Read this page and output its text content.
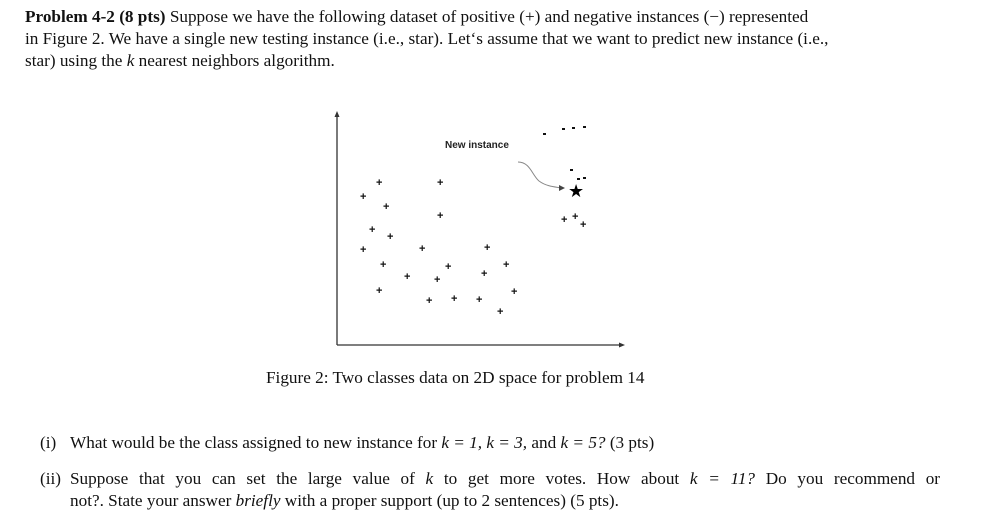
Problem 4-2 (8 pts) Suppose we have the following dataset of positive (+) and negative instances (−) represented
in Figure 2. We have a single new testing instance (i.e., star). Let‘s assume that we want to predict new instance (i.e.,
star) using the k nearest neighbors algorithm.
New instance
★
+
+
+
+
+
+
+
+
+
+
+
+
+
+
+ + +
+
+
+
+
+
+ +
+
Figure 2: Two classes data on 2D space for problem 14
(i) What would be the class assigned to new instance for k = 1, k = 3, and k = 5? (3 pts)
(ii) Suppose that you can set the large value of k to get more votes. How about k = 11? Do you recommend or
not?. State your answer briefly with a proper support (up to 2 sentences) (5 pts).
